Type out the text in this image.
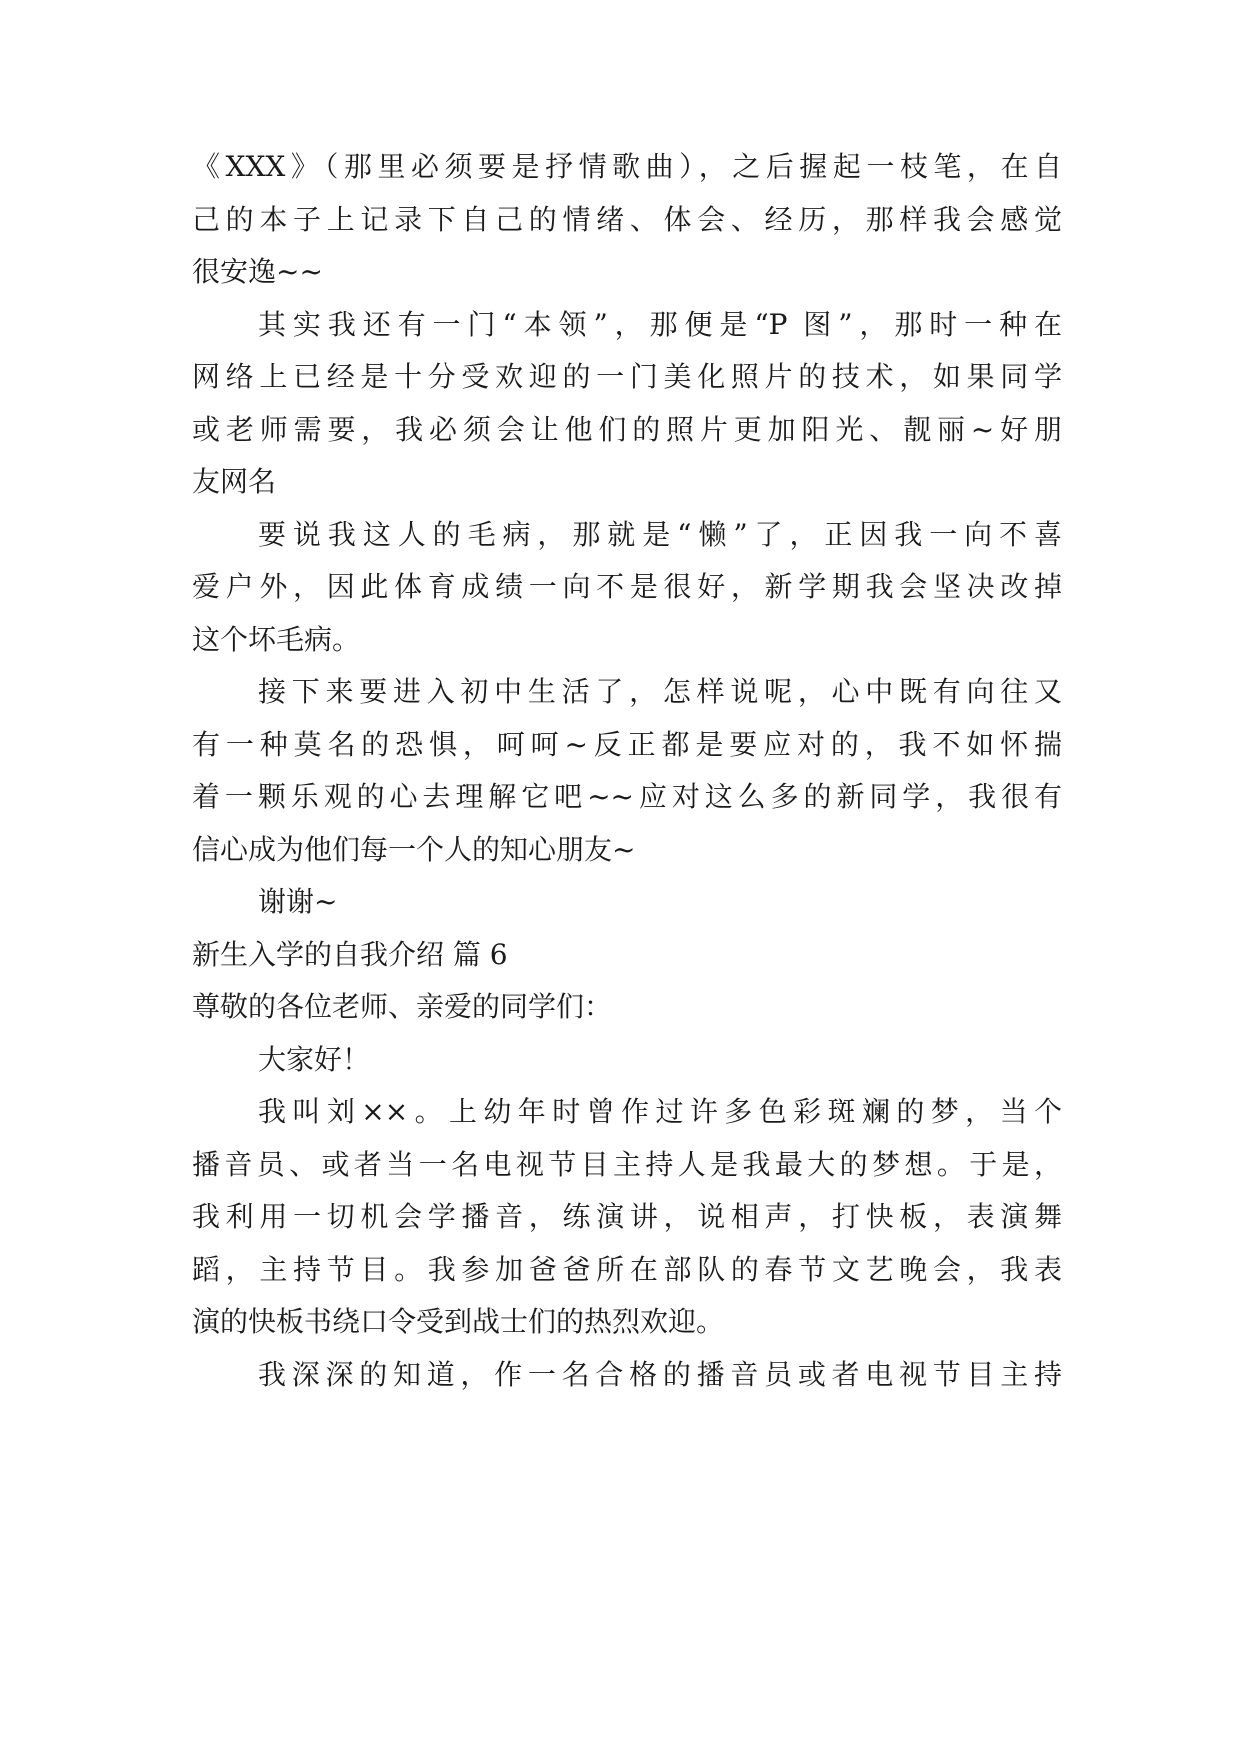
《XXX》（那里必须要是抒情歌曲），之后握起一枝笔，在自
己的本子上记录下自己的情绪、体会、经历，那样我会感觉
很安逸~~
其实我还有一门“本领”，那便是“P 图”，那时一种在
网络上已经是十分受欢迎的一门美化照片的技术，如果同学
或老师需要，我必须会让他们的照片更加阳光、靓丽~好朋
友网名
要说我这人的毛病，那就是“懒”了，正因我一向不喜
爱户外，因此体育成绩一向不是很好，新学期我会坚决改掉
这个坏毛病。
接下来要进入初中生活了，怎样说呢，心中既有向往又
有一种莫名的恐惧，呵呵~反正都是要应对的，我不如怀揣
着一颗乐观的心去理解它吧~~应对这么多的新同学，我很有
信心成为他们每一个人的知心朋友~
谢谢~
新生入学的自我介绍 篇 6
尊敬的各位老师、亲爱的同学们：
大家好！
我叫刘××。上幼年时曾作过许多色彩斑斓的梦，当个
播音员、或者当一名电视节目主持人是我最大的梦想。于是，
我利用一切机会学播音，练演讲，说相声，打快板，表演舞
蹈，主持节目。我参加爸爸所在部队的春节文艺晚会，我表
演的快板书绕口令受到战士们的热烈欢迎。
我深深的知道，作一名合格的播音员或者电视节目主持
